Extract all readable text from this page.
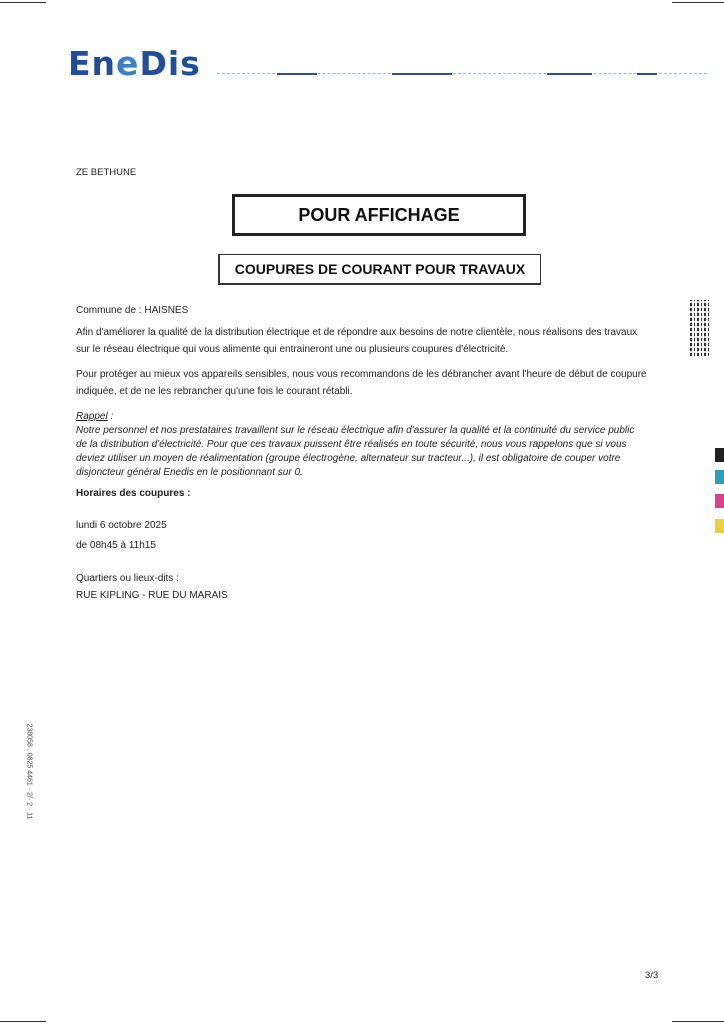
EneDis
ZE BETHUNE
POUR AFFICHAGE
COUPURES DE COURANT POUR TRAVAUX
Commune de : HAISNES
Afin d'améliorer la qualité de la distribution électrique et de répondre aux besoins de notre clientèle, nous réalisons des travaux
sur le réseau électrique qui vous alimente qui entraineront une ou plusieurs coupures d'électricité.
Pour protéger au mieux vos appareils sensibles, nous vous recommandons de les débrancher avant l'heure de début de coupure
indiquée, et de ne les rebrancher qu'une fois le courant rétabli.
Rappel :
Notre personnel et nos prestataires travaillent sur le réseau électrique afin d'assurer la qualité et la continuité du service public
de la distribution d'électricité. Pour que ces travaux puissent être réalisés en toute sécurité, nous vous rappelons que si vous
deviez utiliser un moyen de réalimentation (groupe électrogène, alternateur sur tracteur...), il est obligatoire de couper votre
disjoncteur général Enedis en le positionnant sur 0.
Horaires des coupures :
lundi 6 octobre 2025
de 08h45 à 11h15
Quartiers ou lieux-dits :
RUE KIPLING - RUE DU MARAIS
238058 . 0825 4461 · 2/· 2 · 11
3/3
